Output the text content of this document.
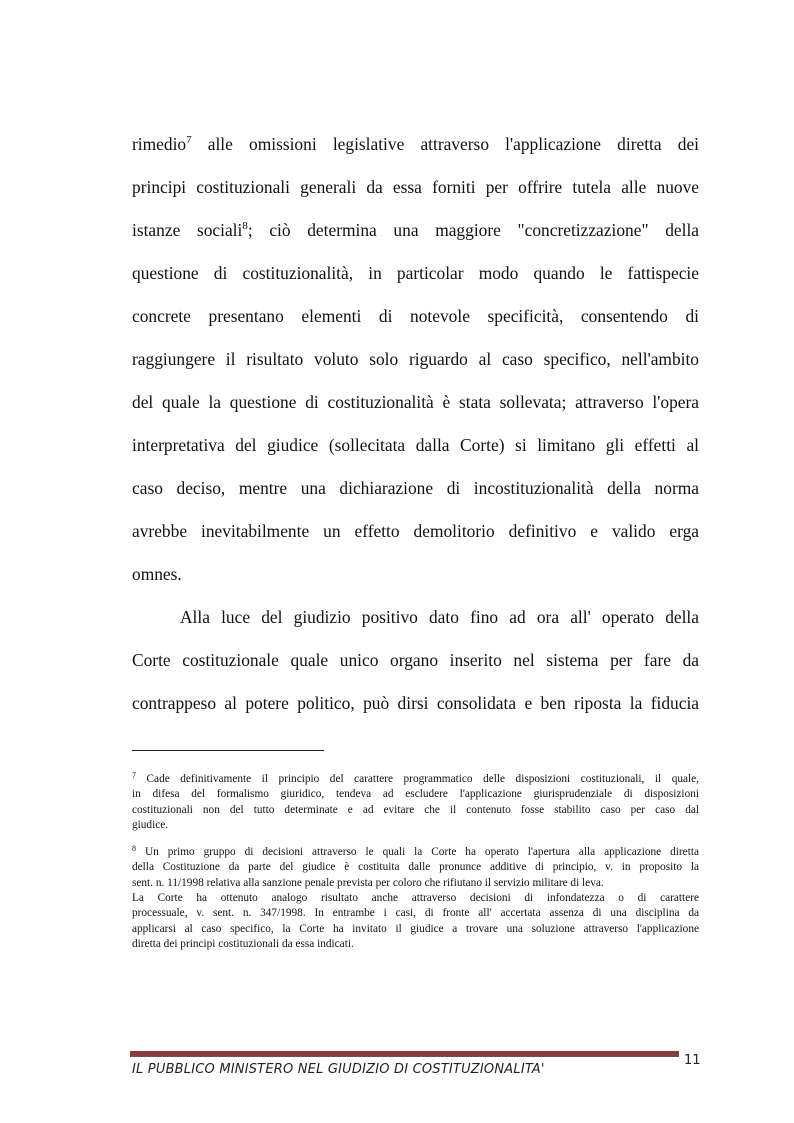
rimedio$^7$ alle omissioni legislative attraverso l'applicazione diretta dei
principi costituzionali generali da essa forniti per offrire tutela alle nuove
istanze sociali$^8$; ciò determina una maggiore "concretizzazione" della
questione di costituzionalità, in particolar modo quando le fattispecie
concrete presentano elementi di notevole specificità, consentendo di
raggiungere il risultato voluto solo riguardo al caso specifico, nell'ambito
del quale la questione di costituzionalità è stata sollevata; attraverso l'opera
interpretativa del giudice (sollecitata dalla Corte) si limitano gli effetti al
caso deciso, mentre una dichiarazione di incostituzionalità della norma
avrebbe inevitabilmente un effetto demolitorio definitivo e valido erga
omnes.
Alla luce del giudizio positivo dato fino ad ora all' operato della
Corte costituzionale quale unico organo inserito nel sistema per fare da
contrappeso al potere politico, può dirsi consolidata e ben riposta la fiducia
$^7$ Cade definitivamente il principio del carattere programmatico delle disposizioni costituzionali, il quale,
in difesa del formalismo giuridico, tendeva ad escludere l'applicazione giurisprudenziale di disposizioni
costituzionali non del tutto determinate e ad evitare che il contenuto fosse stabilito caso per caso dal
giudice.
$^8$ Un primo gruppo di decisioni attraverso le quali la Corte ha operato l'apertura alla applicazione diretta
della Costituzione da parte del giudice è costituita dalle pronunce additive di principio, v. in proposito la
sent. n. 11/1998 relativa alla sanzione penale prevista per coloro che rifiutano il servizio militare di leva.
La Corte ha ottenuto analogo risultato anche attraverso decisioni di infondatezza o di carattere
processuale, v. sent. n. 347/1998. In entrambe i casi, di fronte all' accertata assenza di una disciplina da
applicarsi al caso specifico, la Corte ha invitato il giudice a trovare una soluzione attraverso l'applicazione
diretta dei principi costituzionali da essa indicati.
IL PUBBLICO MINISTERO NEL GIUDIZIO DI COSTITUZIONALITA'
11
